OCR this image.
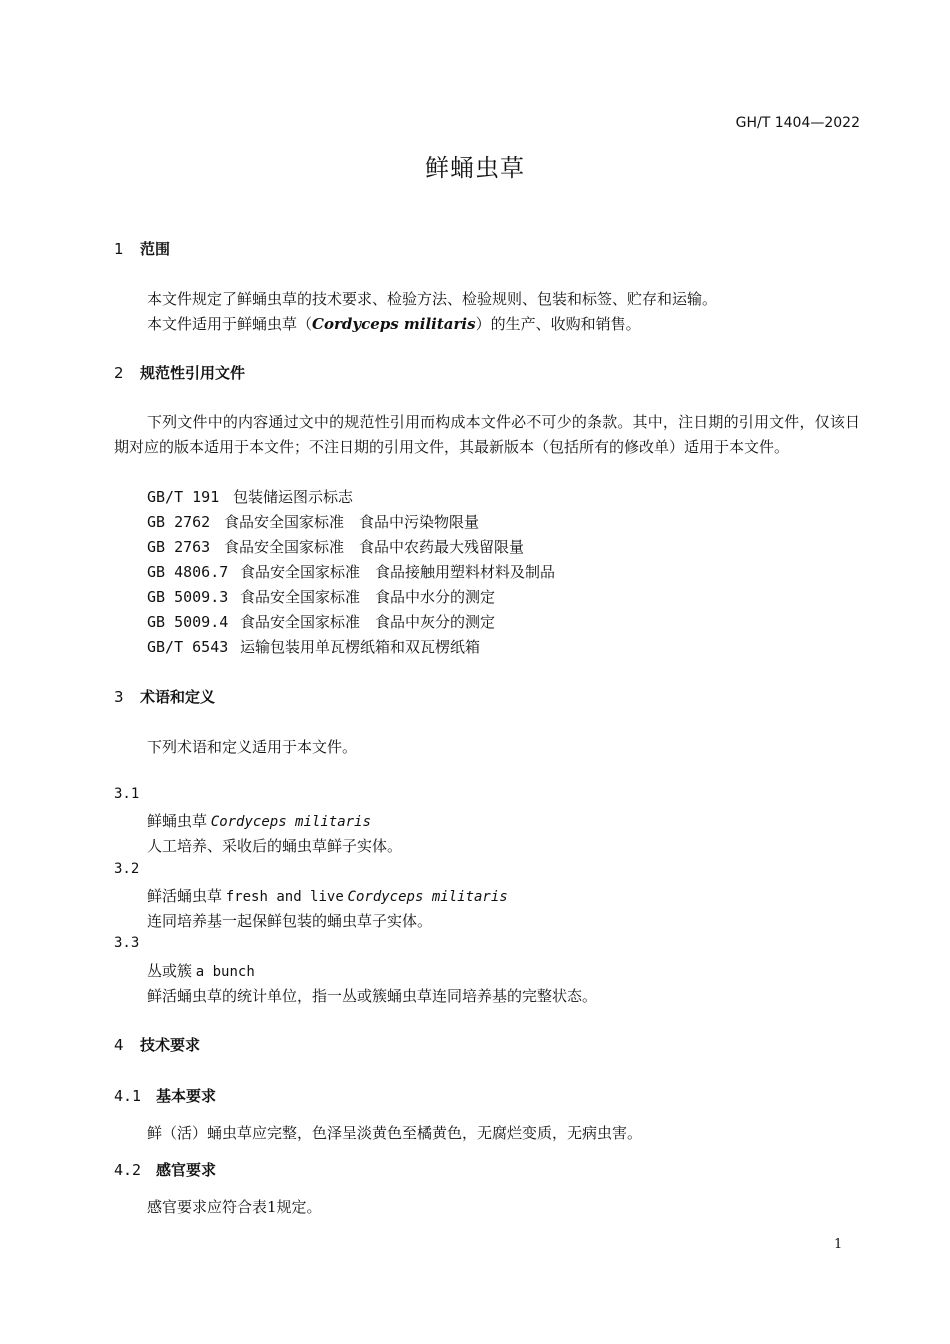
GH/T 1404—2022
鲜蛹虫草
1 范围
本文件规定了鲜蛹虫草的技术要求、检验方法、检验规则、包装和标签、贮存和运输。
本文件适用于鲜蛹虫草（Cordyceps militaris）的生产、收购和销售。
2 规范性引用文件
下列文件中的内容通过文中的规范性引用而构成本文件必不可少的条款。其中，注日期的引用文件，仅该日期对应的版本适用于本文件；不注日期的引用文件，其最新版本（包括所有的修改单）适用于本文件。
GB/T 191 包装储运图示标志
GB 2762 食品安全国家标准　食品中污染物限量
GB 2763 食品安全国家标准　食品中农药最大残留限量
GB 4806.7 食品安全国家标准　食品接触用塑料材料及制品
GB 5009.3 食品安全国家标准　食品中水分的测定
GB 5009.4 食品安全国家标准　食品中灰分的测定
GB/T 6543 运输包装用单瓦楞纸箱和双瓦楞纸箱
3 术语和定义
下列术语和定义适用于本文件。
3.1
鲜蛹虫草 Cordyceps militaris
人工培养、采收后的蛹虫草鲜子实体。
3.2
鲜活蛹虫草 fresh and live Cordyceps militaris
连同培养基一起保鲜包装的蛹虫草子实体。
3.3
丛或簇 a bunch
鲜活蛹虫草的统计单位，指一丛或簇蛹虫草连同培养基的完整状态。
4 技术要求
4.1 基本要求
鲜（活）蛹虫草应完整，色泽呈淡黄色至橘黄色，无腐烂变质，无病虫害。
4.2 感官要求
感官要求应符合表1规定。
1
